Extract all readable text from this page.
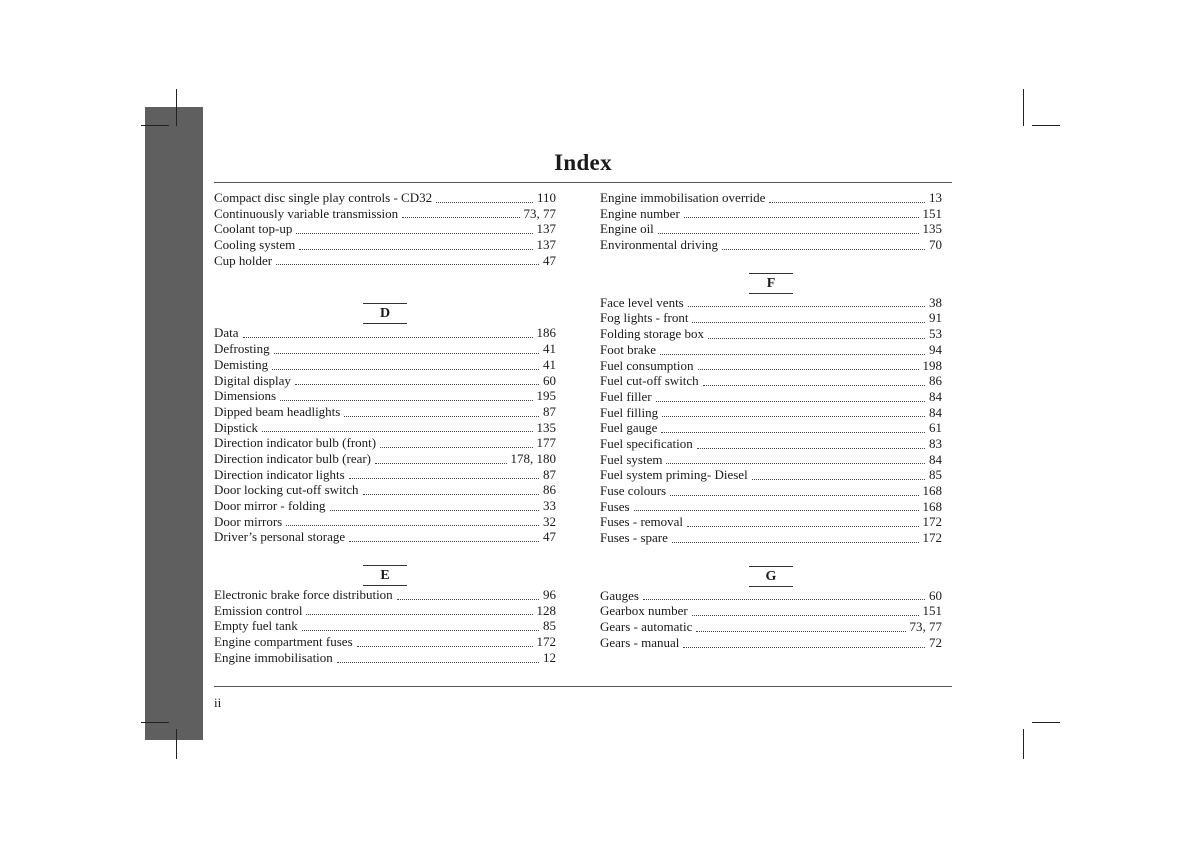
Index
Compact disc single play controls - CD32	110
Continuously variable transmission	73, 77
Coolant top-up	137
Cooling system	137
Cup holder	47
D
Data	186
Defrosting	41
Demisting	41
Digital display	60
Dimensions	195
Dipped beam headlights	87
Dipstick	135
Direction indicator bulb (front)	177
Direction indicator bulb (rear)	178, 180
Direction indicator lights	87
Door locking cut-off switch	86
Door mirror - folding	33
Door mirrors	32
Driver’s personal storage	47
E
Electronic brake force distribution	96
Emission control	128
Empty fuel tank	85
Engine compartment fuses	172
Engine immobilisation	12
Engine immobilisation override	13
Engine number	151
Engine oil	135
Environmental driving	70
F
Face level vents	38
Fog lights - front	91
Folding storage box	53
Foot brake	94
Fuel consumption	198
Fuel cut-off switch	86
Fuel filler	84
Fuel filling	84
Fuel gauge	61
Fuel specification	83
Fuel system	84
Fuel system priming- Diesel	85
Fuse colours	168
Fuses	168
Fuses - removal	172
Fuses - spare	172
G
Gauges	60
Gearbox number	151
Gears - automatic	73, 77
Gears - manual	72
ii
